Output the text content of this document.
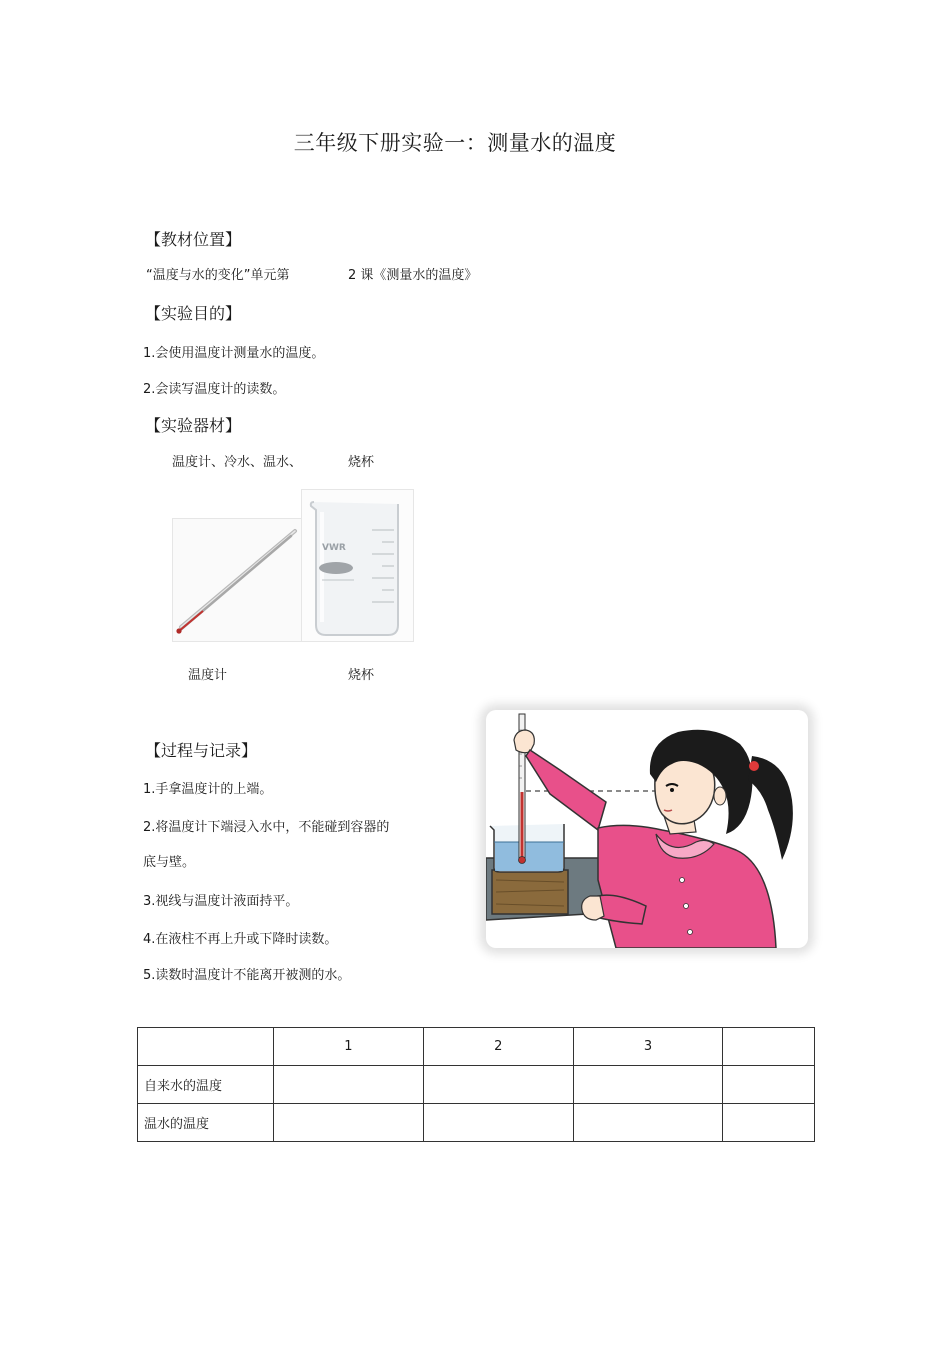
三年级下册实验一：测量水的温度
【教材位置】
“温度与水的变化”单元第	2 课《测量水的温度》
【实验目的】
1.会使用温度计测量水的温度。
2.会读写温度计的读数。
【实验器材】
温度计、冷水、温水、	烧杯
VWR
温度计	烧杯
【过程与记录】
1.手拿温度计的上端。
2.将温度计下端浸入水中，不能碰到容器的
底与壁。
3.视线与温度计液面持平。
4.在液柱不再上升或下降时读数。
5.读数时温度计不能离开被测的水。
	1	2	3	
自来水的温度				
温水的温度				
